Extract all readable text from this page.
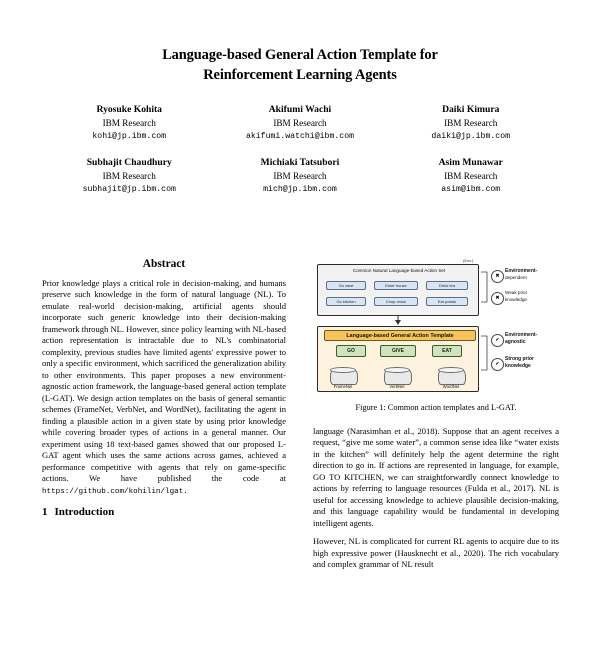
Language-based General Action Template for
Reinforcement Learning Agents
Ryosuke Kohita
IBM Research
kohi@jp.ibm.com
Akifumi Wachi
IBM Research
akifumi.watchi@ibm.com
Daiki Kimura
IBM Research
daiki@jp.ibm.com
Subhajit Chaudhury
IBM Research
subhajit@jp.ibm.com
Michiaki Tatsubori
IBM Research
mich@jp.ibm.com
Asim Munawar
IBM Research
asim@ibm.com
Abstract
Prior knowledge plays a critical role in decision-making, and humans preserve such knowledge in the form of natural language (NL). To emulate real-world decision-making, artificial agents should incorporate such generic knowledge into their decision-making framework through NL. However, since policy learning with NL-based action representation is intractable due to NL's combinatorial complexity, previous studies have limited agents' expressive power to only a specific environment, which sacrificed the generalization ability to other environments. This paper proposes a new environment-agnostic action framework, the language-based general action template (L-GAT). We design action templates on the basis of general semantic schemes (FrameNet, VerbNet, and WordNet), facilitating the agent in finding a plausible action in a given state by using prior knowledge while covering broader types of actions in a general manner. Our experiment using 18 text-based games showed that our proposed L-GAT agent which uses the same actions across games, achieved a performance competitive with agents that rely on game-specific actions. We have published the code at https://github.com/kohilin/lgat.
1 Introduction
Common Natural Language-based Action Set
Go west	Enter house	Drink tea
Go kitchen	Chop onion	Eat potato
(Env.)
Language-based General Action Template
GO	GIVE	EAT
FrameNet	VerbNet	WordNet
✖
Environment-
dependent
✖
Weak prior
knowledge
✔
Environment-
agnostic
✔
Strong prior
knowledge
Figure 1: Common action templates and L-GAT.
language (Narasimhan et al., 2018). Suppose that an agent receives a request, “give me some water”, a common sense idea like “water exists in the kitchen” will definitely help the agent determine the right direction to go in. If actions are represented in language, for example, GO TO KITCHEN, we can straightforwardly connect knowledge to actions by referring to language resources (Fulda et al., 2017). NL is useful for accessing knowledge to achieve plausible decision-making, and this language capability would be fundamental in developing intelligent agents.
However, NL is complicated for current RL agents to acquire due to its high expressive power (Hausknecht et al., 2020). The rich vocabulary and complex grammar of NL result
